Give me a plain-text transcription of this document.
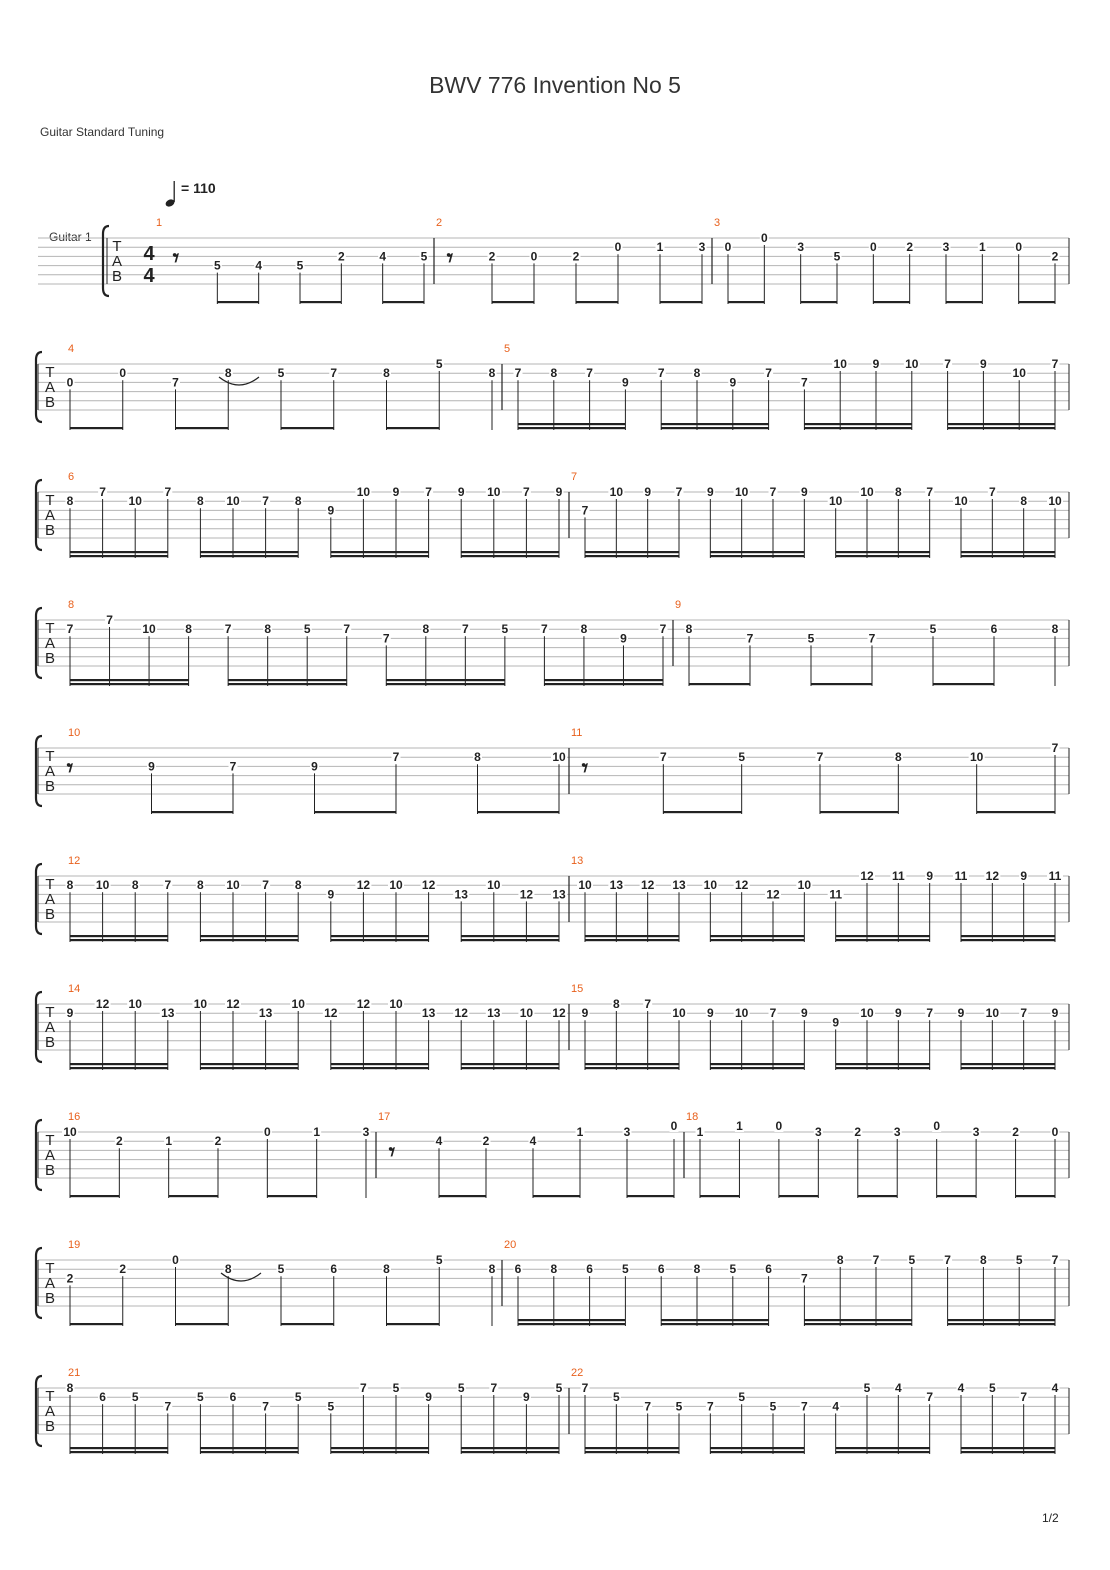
BWV 776 Invention No 5
Guitar Standard Tuning
= 110
Guitar 1
T
A
B
4
4
1
𝄾	5	4	5
2	4	5
2
𝄾	2	0	2
0	1	3
3
0
0
3
5
0 2 3 1 0
2
T
A
B
4
0
0
7
8	5	7	8
5
8
5
7 8 7
9
7 8
9
7
7
10 9 10 7 9
10
7
T
A
B
6
8
7
10
7
8 10 7 8
9
10 9 7 9 10 7 9
7
7
10 9 7 9 10 7 9
10
10 8 7
10
7
8 10
T
A
B
8
7
7
10 8	7	8	5	7
7
8	7	5	7	8
9
7
9
8
7	5	7
5	6	8
T
A
B
10
𝄾	9	7	9
7	8	10
11
𝄾	7	5	7	8	10
7
T
A
B
12
8 10 8 7 8 10 7 8
9
12 10 12
13
10
12 13
13
10 13 12 13 10 12
12
10
11
12 11 9 11 12 9 11
T
A
B
14
9
12 10
13
10 12
13
10
12
12 10
13 12 13 10 12
15
9
8 7
10 9 10 7 9
9
10 9 7 9 10 7 9
T
A
B
16
10
2	1	2
0	1	3
17
𝄾	4	2	4
1	3	0
18
1	1	0	3	2	3	0	3	2	0
T
A
B
19
2
2
0
8	5	6	8
5
8
20
6 8 6 5 6 8 5 6
7
8 7 5 7 8 5 7
T
A
B
21
8
6 5
7
5 6
7
5
5
7 5
9
5 7
9
5
22
7
5
7 5 7
5
5 7 4
5 4
7
4 5
7
4
1/2
